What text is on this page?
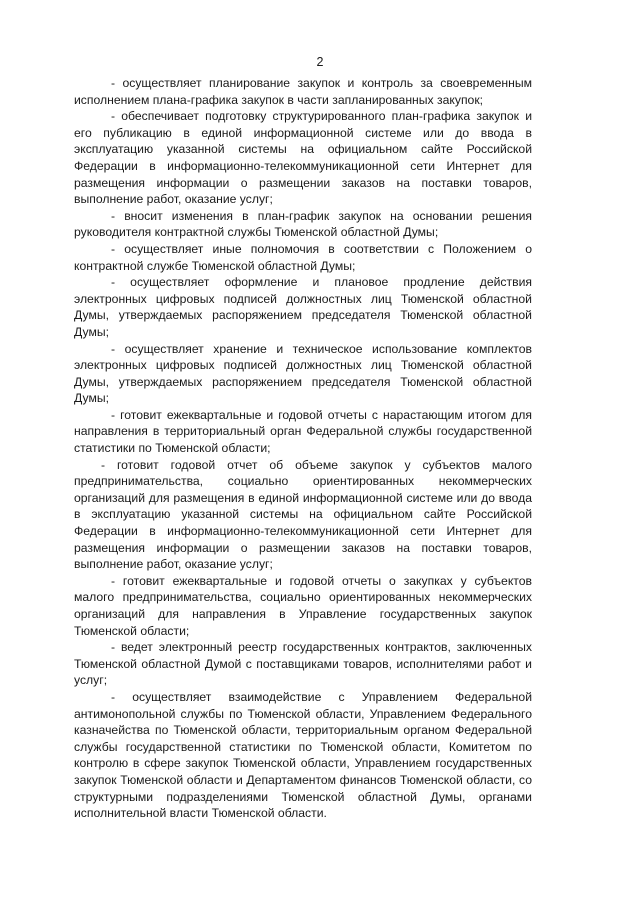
2

- осуществляет планирование закупок и контроль за своевременным исполнением плана-графика закупок в части запланированных закупок;

- обеспечивает подготовку структурированного план-графика закупок и его публикацию в единой информационной системе или до ввода в эксплуатацию указанной системы на официальном сайте Российской Федерации в информационно-телекоммуникационной сети Интернет для размещения информации о размещении заказов на поставки товаров, выполнение работ, оказание услуг;

- вносит изменения в план-график закупок на основании решения руководителя контрактной службы Тюменской областной Думы;

- осуществляет иные полномочия в соответствии с Положением о контрактной службе Тюменской областной Думы;

- осуществляет оформление и плановое продление действия электронных цифровых подписей должностных лиц Тюменской областной Думы, утверждаемых распоряжением председателя Тюменской областной Думы;

- осуществляет хранение и техническое использование комплектов электронных цифровых подписей должностных лиц Тюменской областной Думы, утверждаемых распоряжением председателя Тюменской областной Думы;

- готовит ежеквартальные и годовой отчеты с нарастающим итогом для направления в территориальный орган Федеральной службы государственной статистики по Тюменской области;

- готовит годовой отчет об объеме закупок у субъектов малого предпринимательства, социально ориентированных некоммерческих организаций для размещения в единой информационной системе или до ввода в эксплуатацию указанной системы на официальном сайте Российской Федерации в информационно-телекоммуникационной сети Интернет для размещения информации о размещении заказов на поставки товаров, выполнение работ, оказание услуг;

- готовит ежеквартальные и годовой отчеты о закупках у субъектов малого предпринимательства, социально ориентированных некоммерческих организаций для направления в Управление государственных закупок Тюменской области;

- ведет электронный реестр государственных контрактов, заключенных Тюменской областной Думой с поставщиками товаров, исполнителями работ и услуг;

- осуществляет взаимодействие с Управлением Федеральной антимонопольной службы по Тюменской области, Управлением Федерального казначейства по Тюменской области, территориальным органом Федеральной службы государственной статистики по Тюменской области, Комитетом по контролю в сфере закупок Тюменской области, Управлением государственных закупок Тюменской области и Департаментом финансов Тюменской области, со структурными подразделениями Тюменской областной Думы, органами исполнительной власти Тюменской области.
